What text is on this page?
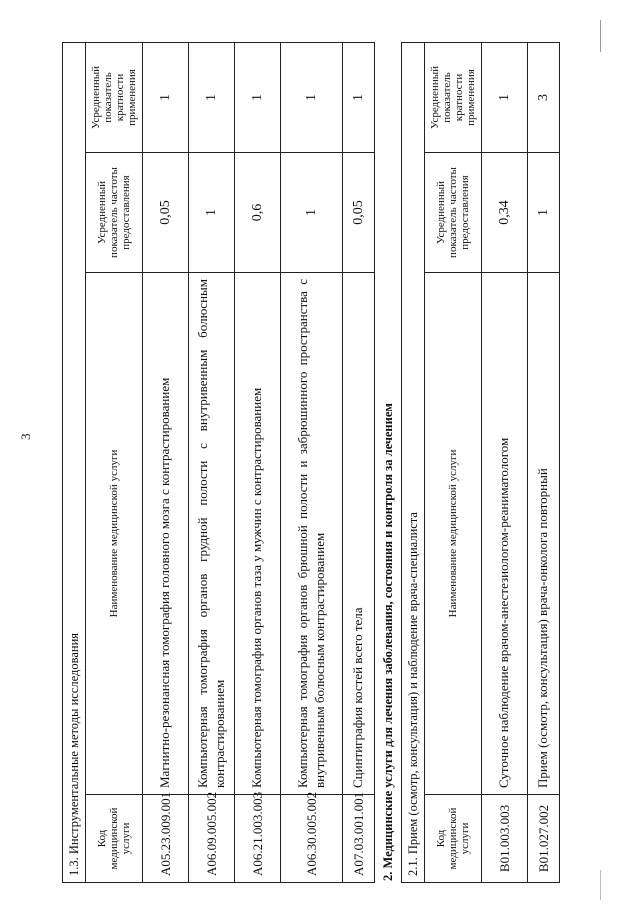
3
1.3. Инструментальные методы исследования			
Код медицинской услуги	Наименование медицинской услуги	Усредненный показатель частоты предоставления	Усредненный показатель кратности применения
A05.23.009.001	Магнитно-резонансная томография головного мозга с контрастированием	0,05	1
A06.09.005.002	Компьютерная томография органов грудной полости с внутривенным болюсным контрастированием	1	1
A06.21.003.003	Компьютерная томография органов таза у мужчин с контрастированием	0,6	1
A06.30.005.002	Компьютерная томография органов брюшной полости и забрюшинного пространства с внутривенным болюсным контрастированием	1	1
A07.03.001.001	Сцинтиграфия костей всего тела	0,05	1
2. Медицинские услуги для лечения заболевания, состояния и контроля за лечением 2.1. Прием (осмотр, консультация) и наблюдение врача-специалиста			
Код медицинской услуги	Наименование медицинской услуги	Усредненный показатель частоты предоставления	Усредненный показатель кратности применения
B01.003.003	Суточное наблюдение врачом-анестезиологом-реаниматологом	0,34	1
B01.027.002	Прием (осмотр, консультация) врача-онколога повторный	1	3
